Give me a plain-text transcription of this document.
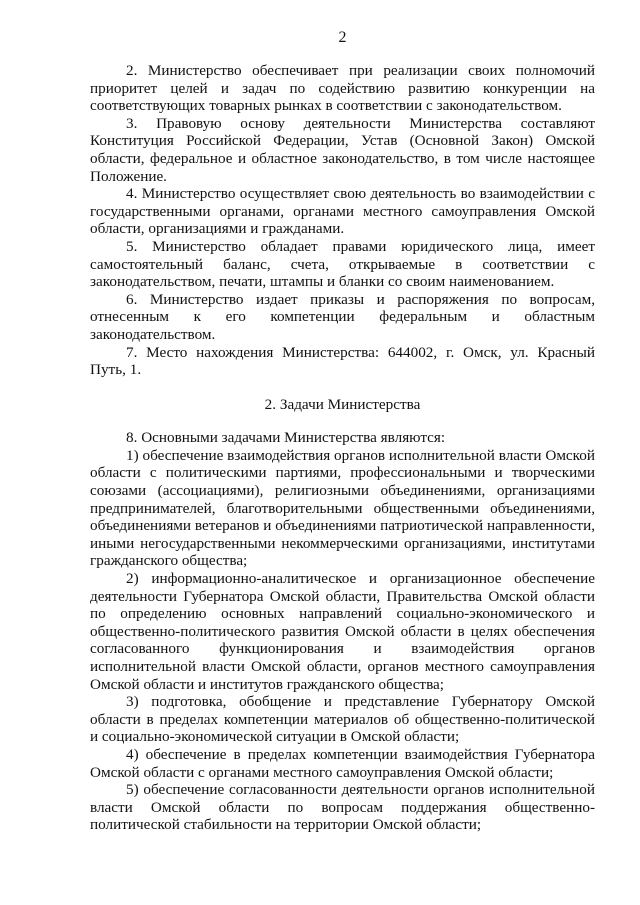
2

2. Министерство обеспечивает при реализации своих полномочий приоритет целей и задач по содействию развитию конкуренции на соответствующих товарных рынках в соответствии с законодательством.

3. Правовую основу деятельности Министерства составляют Конституция Российской Федерации, Устав (Основной Закон) Омской области, федеральное и областное законодательство, в том числе настоящее Положение.

4. Министерство осуществляет свою деятельность во взаимодействии с государственными органами, органами местного самоуправления Омской области, организациями и гражданами.

5. Министерство обладает правами юридического лица, имеет самостоятельный баланс, счета, открываемые в соответствии с законодательством, печати, штампы и бланки со своим наименованием.

6. Министерство издает приказы и распоряжения по вопросам, отнесенным к его компетенции федеральным и областным законодательством.

7. Место нахождения Министерства: 644002, г. Омск, ул. Красный Путь, 1.

2. Задачи Министерства

8. Основными задачами Министерства являются:

1) обеспечение взаимодействия органов исполнительной власти Омской области с политическими партиями, профессиональными и творческими союзами (ассоциациями), религиозными объединениями, организациями предпринимателей, благотворительными общественными объединениями, объединениями ветеранов и объединениями патриотической направленности, иными негосударственными некоммерческими организациями, институтами гражданского общества;

2) информационно-аналитическое и организационное обеспечение деятельности Губернатора Омской области, Правительства Омской области по определению основных направлений социально-экономического и общественно-политического развития Омской области в целях обеспечения согласованного функционирования и взаимодействия органов исполнительной власти Омской области, органов местного самоуправления Омской области и институтов гражданского общества;

3) подготовка, обобщение и представление Губернатору Омской области в пределах компетенции материалов об общественно-политической и социально-экономической ситуации в Омской области;

4) обеспечение в пределах компетенции взаимодействия Губернатора Омской области с органами местного самоуправления Омской области;

5) обеспечение согласованности деятельности органов исполнительной власти Омской области по вопросам поддержания общественно-политической стабильности на территории Омской области;
